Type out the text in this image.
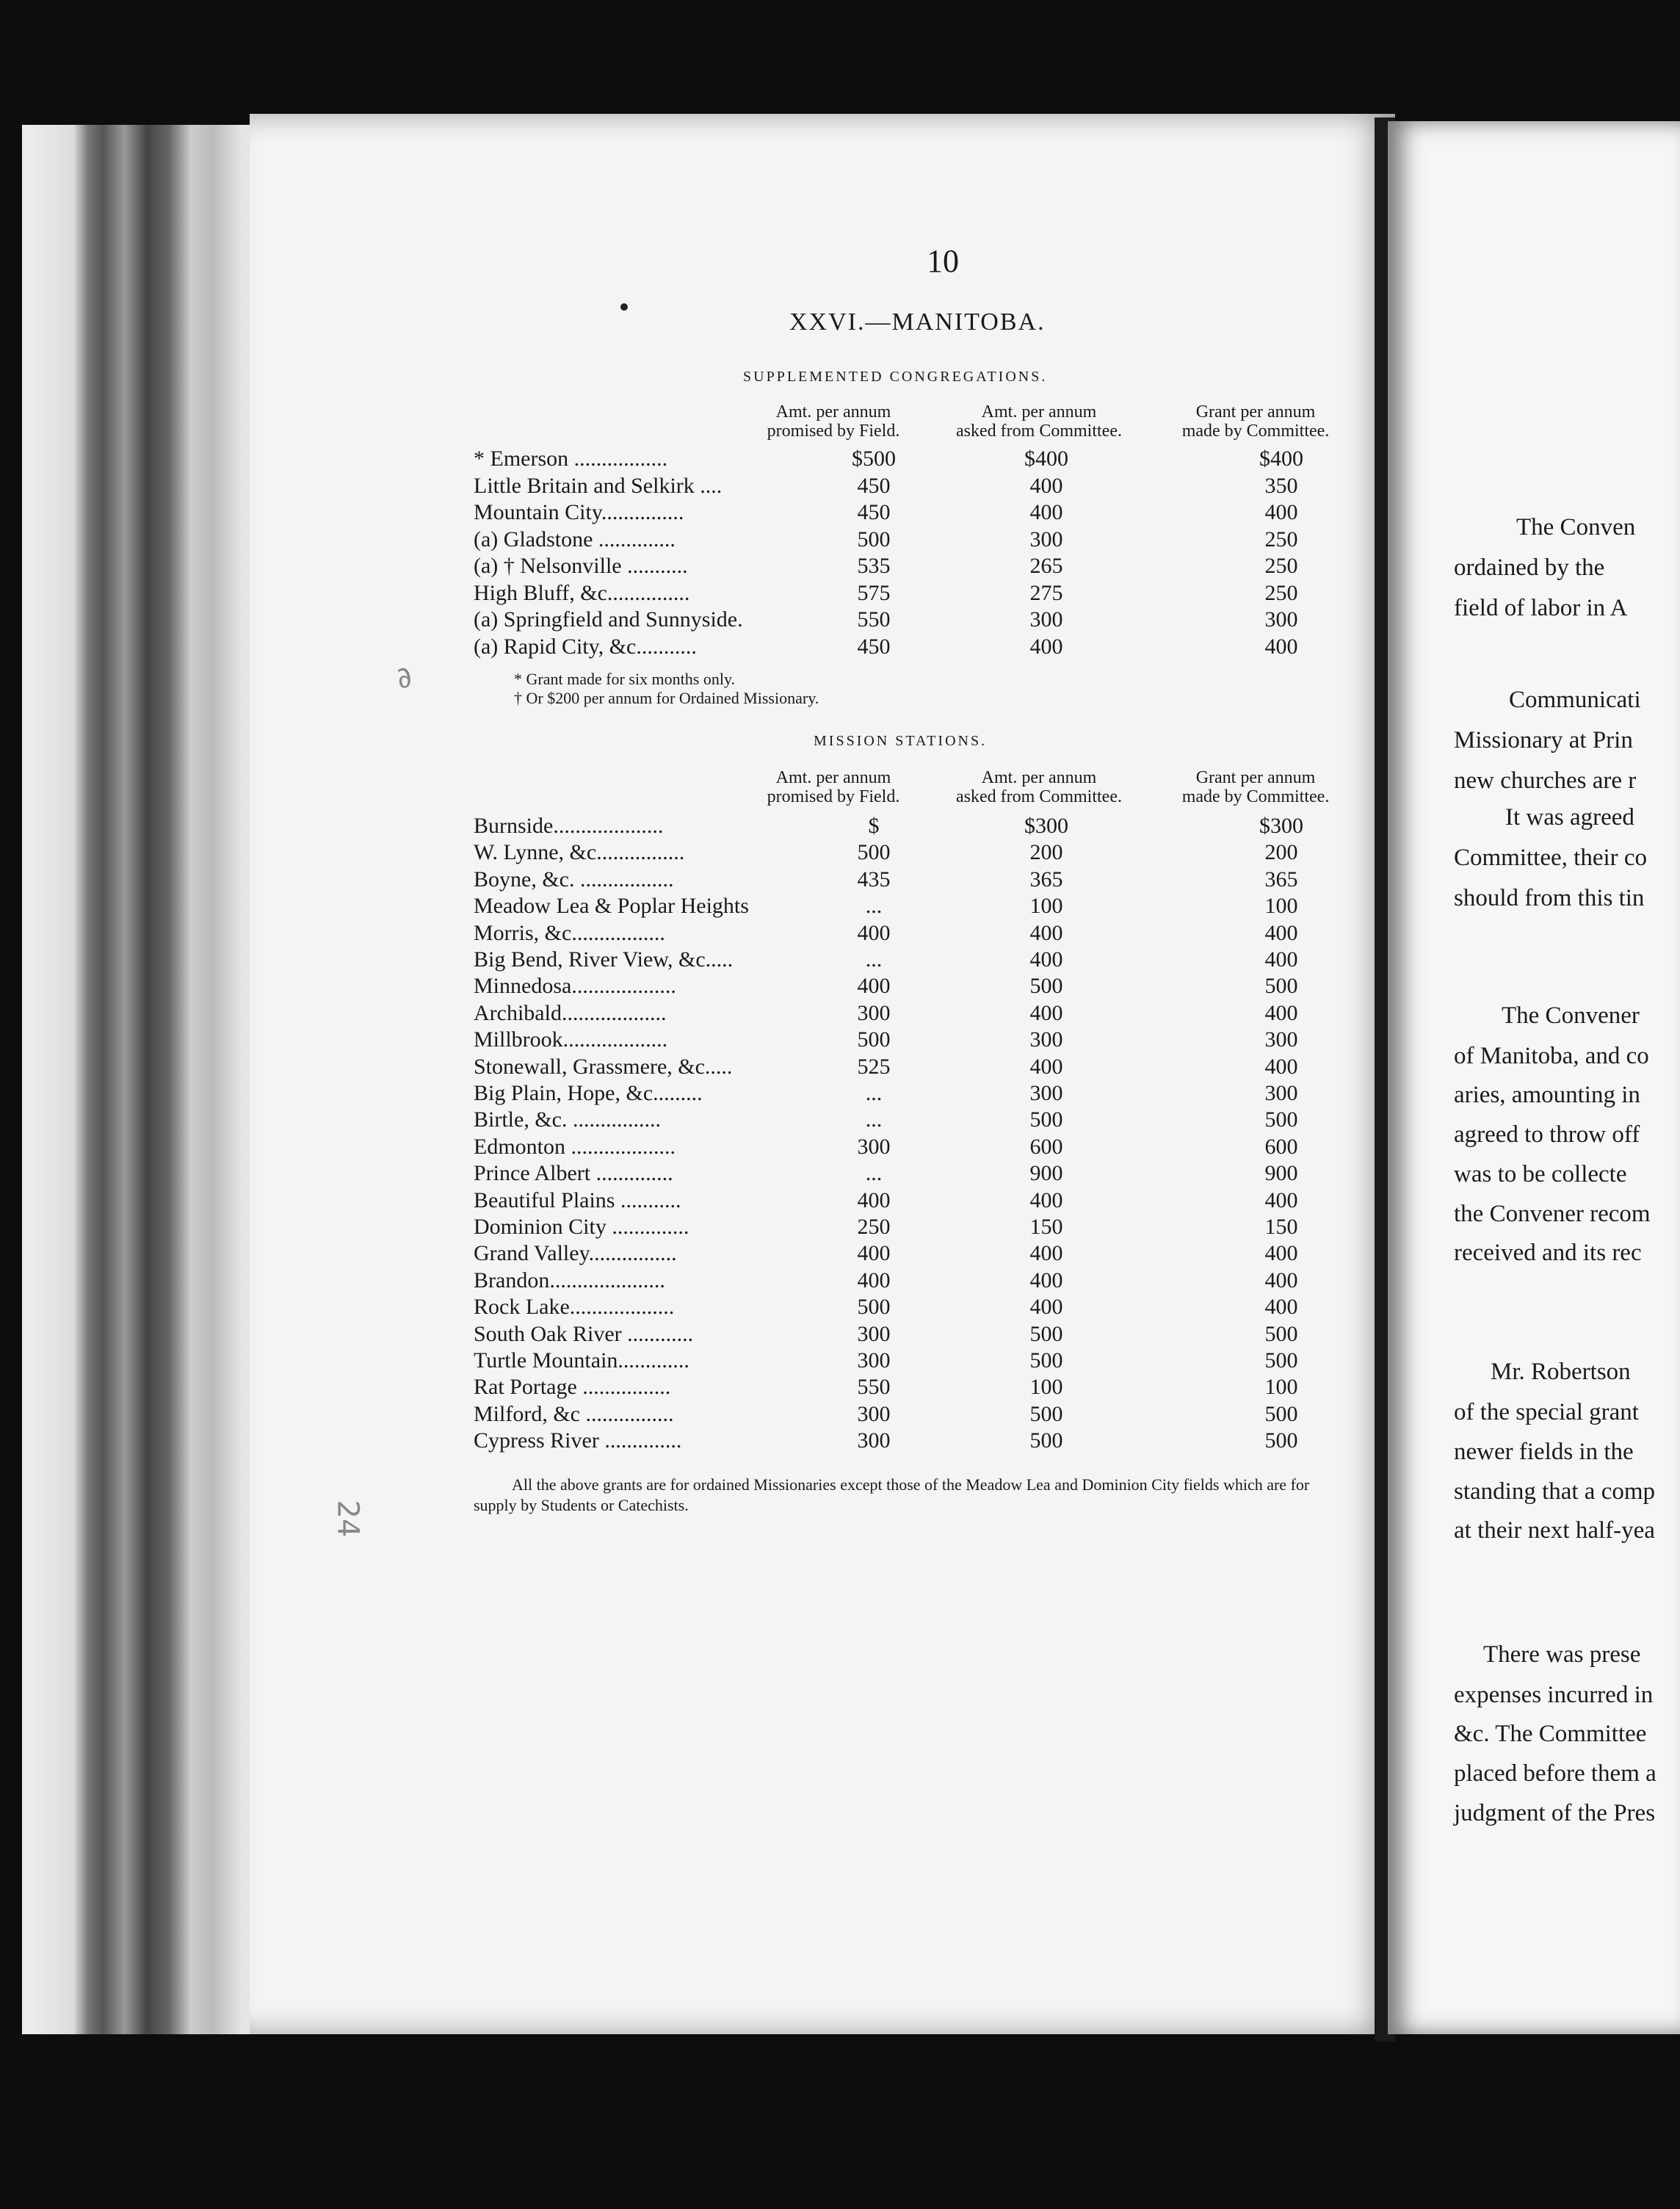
10
XXVI.—MANITOBA.
SUPPLEMENTED CONGREGATIONS.
Amt. per annum
promised by Field.
Amt. per annum
asked from Committee.
Grant per annum
made by Committee.
* Emerson .................	$500	$400	$400
Little Britain and Selkirk ....	450	400	350
Mountain City...............	450	400	400
(a) Gladstone ..............	500	300	250
(a) † Nelsonville ...........	535	265	250
High Bluff, &c...............	575	275	250
(a) Springfield and Sunnyside.	550	300	300
(a) Rapid City, &c...........	450	400	400
* Grant made for six months only.
† Or $200 per annum for Ordained Missionary.
MISSION STATIONS.
Amt. per annum
promised by Field.
Amt. per annum
asked from Committee.
Grant per annum
made by Committee.
Burnside....................	$	$300	$300
W. Lynne, &c................	500	200	200
Boyne, &c. .................	435	365	365
Meadow Lea & Poplar Heights	...	100	100
Morris, &c.................	400	400	400
Big Bend, River View, &c.....	...	400	400
Minnedosa...................	400	500	500
Archibald...................	300	400	400
Millbrook...................	500	300	300
Stonewall, Grassmere, &c.....	525	400	400
Big Plain, Hope, &c.........	...	300	300
Birtle, &c. ................	...	500	500
Edmonton ...................	300	600	600
Prince Albert ..............	...	900	900
Beautiful Plains ...........	400	400	400
Dominion City ..............	250	150	150
Grand Valley................	400	400	400
Brandon.....................	400	400	400
Rock Lake...................	500	400	400
South Oak River ............	300	500	500
Turtle Mountain.............	300	500	500
Rat Portage ................	550	100	100
Milford, &c ................	300	500	500
Cypress River ..............	300	500	500
All the above grants are for ordained Missionaries except those of the Meadow Lea and Dominion City fields which are for supply by Students or Catechists.
The Conven
ordained by the
field of labor in A
Communicati
Missionary at Prin
new churches are r
It was agreed
Committee, their co
should from this tin
The Convener
of Manitoba, and co
aries, amounting in
agreed to throw off
was to be collecte
the Convener recom
received and its rec
Mr. Robertson
of the special grant
newer fields in the
standing that a comp
at their next half-yea
There was prese
expenses incurred in
&c. The Committee
placed before them a
judgment of the Pres
∂
24
